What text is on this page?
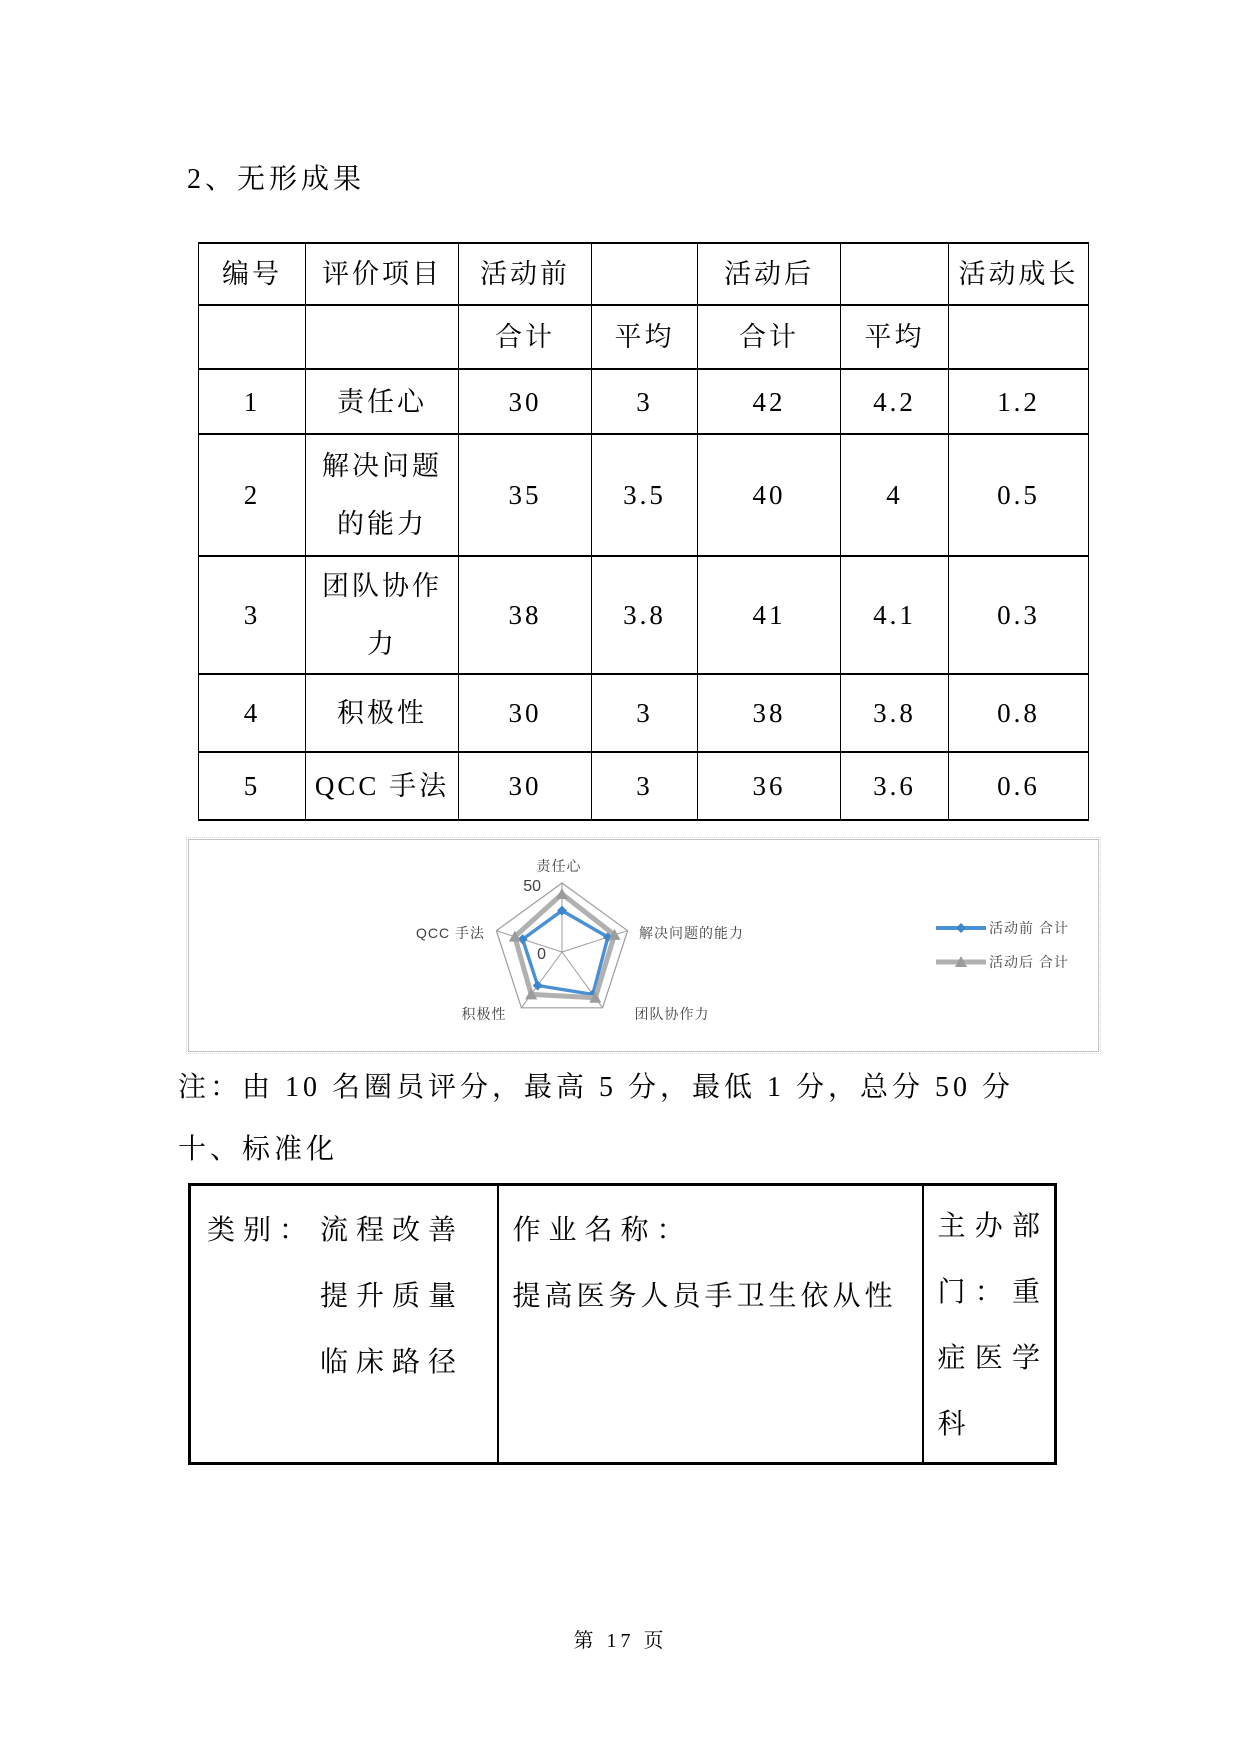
2、无形成果
编号	评价项目	活动前		活动后		活动成长
		合计	平均	合计	平均	
1	责任心	30	3	42	4.2	1.2
2	解决问题的能力	35	3.5	40	4	0.5
3	团队协作力	38	3.8	41	4.1	0.3
4	积极性	30	3	38	3.8	0.8
5	QCC 手法	30	3	36	3.6	0.6
责任心
解决问题的能力
团队协作力
积极性
QCC 手法
50
0
活动前 合计
活动后 合计
注：由 10 名圈员评分，最高 5 分，最低 1 分，总分 50 分
十、标准化
类别： 流程改善
提升质量
临床路径

作业名称：
提高医务人员手卫生依从性

主办部门：重症医学科
第 17 页
